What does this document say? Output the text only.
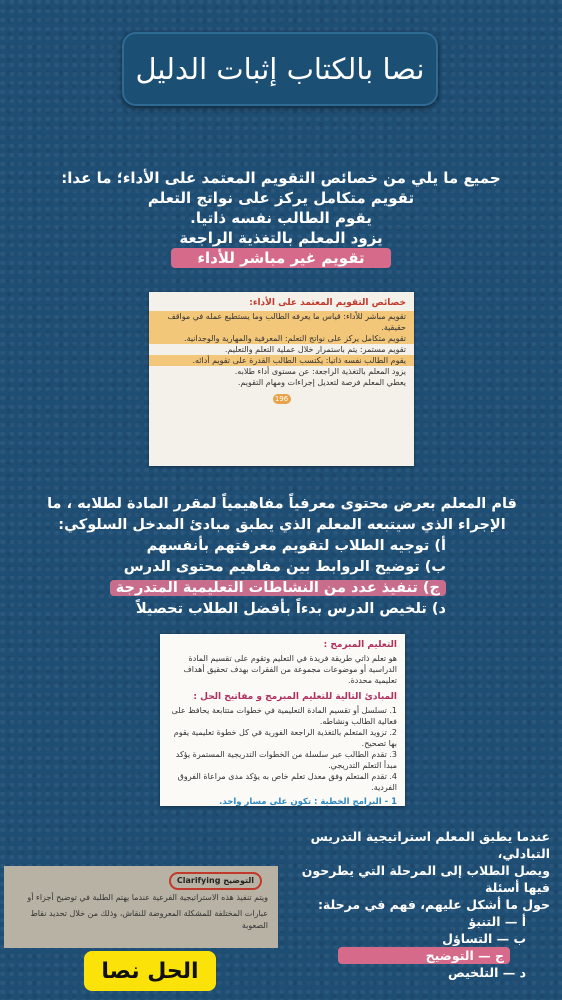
نصا بالكتاب إثبات الدليل

جميع ما يلي من خصائص التقويم المعتمد على الأداء؛ ما عدا:

تقويم متكامل يركز على نواتج التعلم

يقوم الطالب نفسه ذاتيا.

يزود المعلم بالتغذية الراجعة

تقويم غير مباشر للأداء

خصائص التقويم المعتمد على الأداء:
تقويم مباشر للأداء: قياس ما يعرفه الطالب وما يستطيع عمله في مواقف حقيقية.
تقويم متكامل يركز على نواتج التعلم: المعرفية والمهارية والوجدانية.
تقويم مستمر: يتم باستمرار خلال عملية التعلم والتعليم.
يقوم الطالب نفسه ذاتيا: يكتسب الطالب القدرة على تقويم أدائه.
يزود المعلم بالتغذية الراجعة: عن مستوى أداء طلابه.
يعطي المعلم فرصة لتعديل إجراءات ومهام التقويم.
196
قام المعلم بعرض محتوى معرفياً مفاهيمياً لمقرر المادة لطلابه ، ما
الإجراء الذي سيتبعه المعلم الذي يطبق مبادئ المدخل السلوكي:
أ) توجيه الطلاب لتقويم معرفتهم بأنفسهم
ب) توضيح الروابط بين مفاهيم محتوى الدرس
ج) تنفيذ عدد من النشاطات التعليمية المتدرجة
د) تلخيص الدرس بدءاً بأفضل الطلاب تحصيلاً
التعليم المبرمج :
هو تعلم ذاتي طريقة فريدة في التعليم وتقوم على تقسيم المادة الدراسية أو موضوعات مجموعة من الفقرات بهدف تحقيق أهداف تعليمية محددة.
المبادئ التالية للتعليم المبرمج و مفاتيح الحل :
1. تسلسل أو تقسيم المادة التعليمية في خطوات متتابعة يحافظ على فعالية الطالب ونشاطه.
2. تزويد المتعلم بالتغذية الراجعة الفورية في كل خطوة تعليمية يقوم بها تصحيح.
3. تقدم الطالب عبر سلسلة من الخطوات التدريجية المستمرة يؤكد مبدأ التعلم التدريجي.
4. تقدم المتعلم وفق معدل تعلم خاص به يؤكد مدى مراعاة الفروق الفردية.
1 - البرامج الخطية : تكون على مسار واحد.
عندما يطبق المعلم استراتيجية التدريس التبادلي،
ويصل الطلاب إلى المرحلة التي يطرحون فيها أسئلة
حول ما أشكل عليهم، فهم في مرحلة:
أ — التنبؤ
ب — التساؤل
ج — التوضيح
د — التلخيص
التوضيح Clarifying
ويتم تنفيذ هذه الاستراتيجية الفرعية عندما يهتم الطلبة في توضيح أجزاء أو
عبارات المختلفة للمشكلة المعروضة للنقاش، وذلك من خلال تحديد نقاط الصعوبة
الحل نصا
